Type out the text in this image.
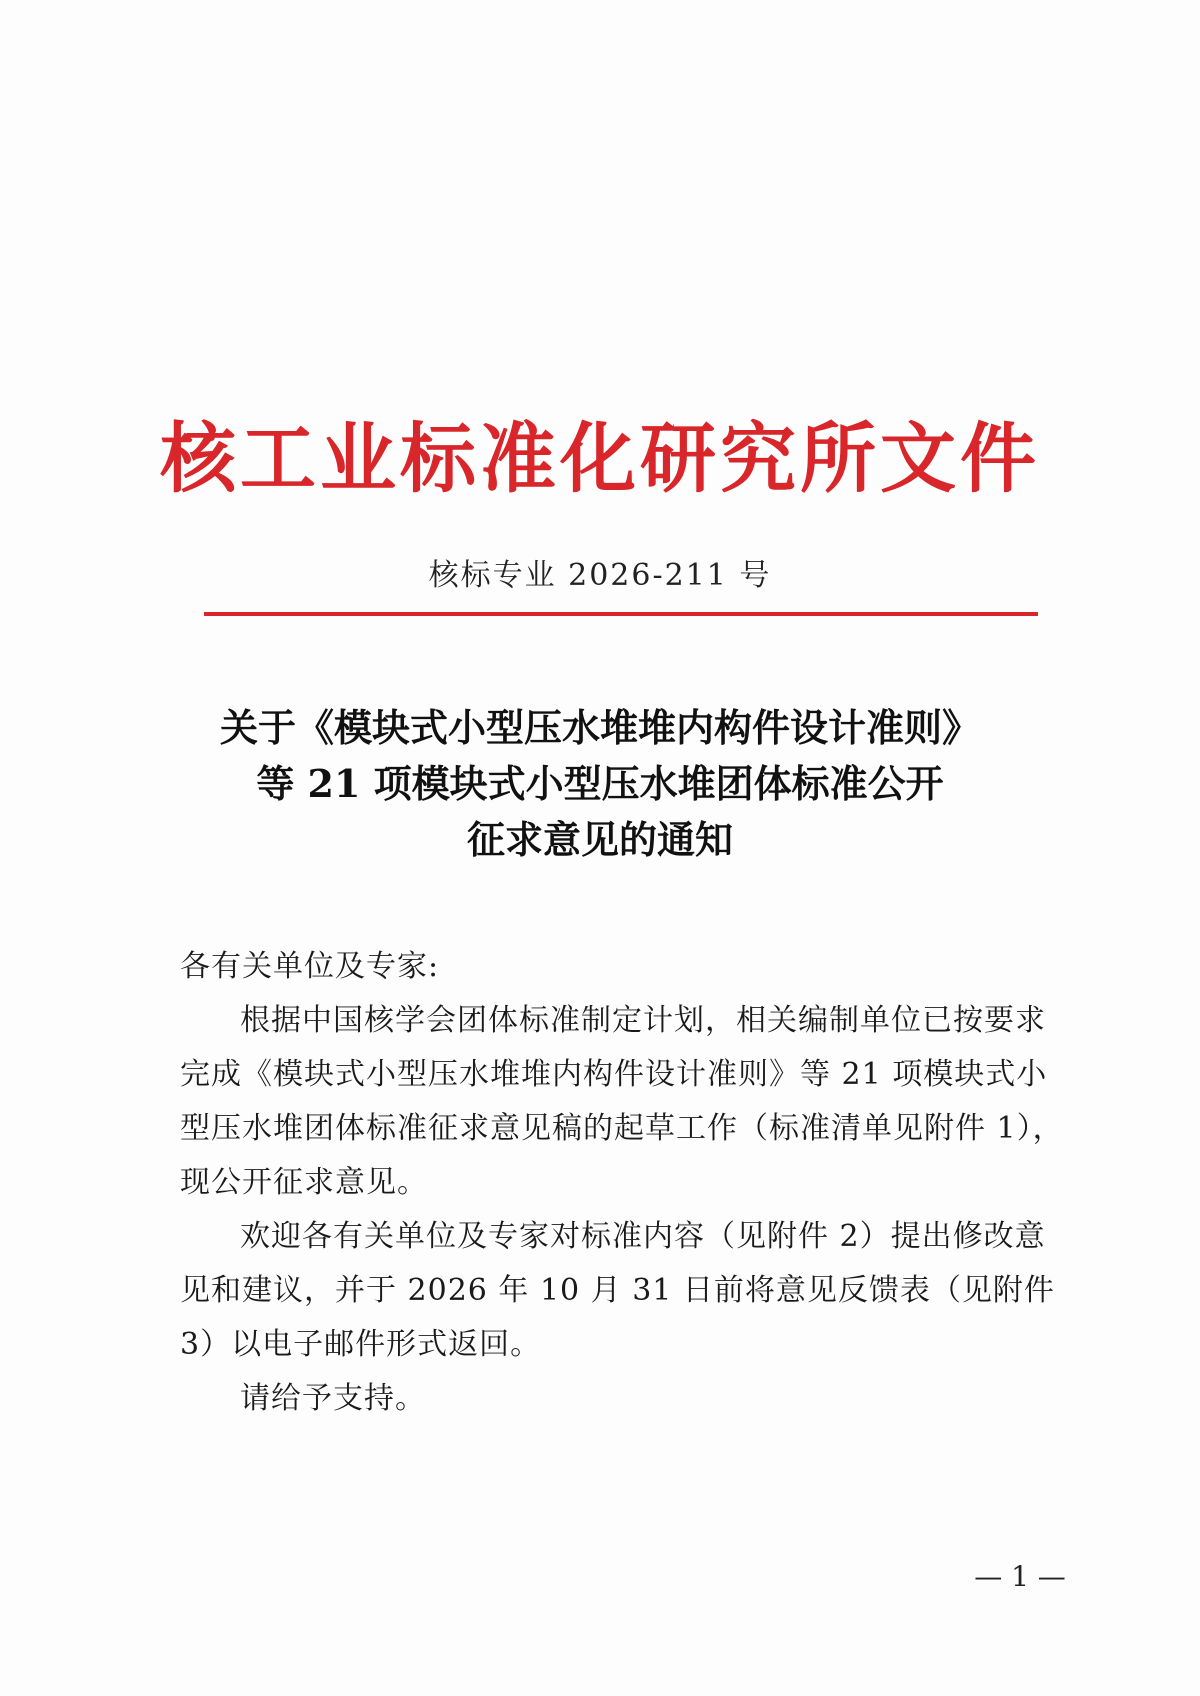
核工业标准化研究所文件
核标专业 2026-211 号
关于《模块式小型压水堆堆内构件设计准则》
等 21 项模块式小型压水堆团体标准公开
征求意见的通知
各有关单位及专家:
根据中国核学会团体标准制定计划，相关编制单位已按要求完成《模块式小型压水堆堆内构件设计准则》等 21 项模块式小型压水堆团体标准征求意见稿的起草工作（标准清单见附件 1），现公开征求意见。
欢迎各有关单位及专家对标准内容（见附件 2）提出修改意见和建议，并于 2026 年 10 月 31 日前将意见反馈表（见附件 3）以电子邮件形式返回。
请给予支持。
— 1 —
